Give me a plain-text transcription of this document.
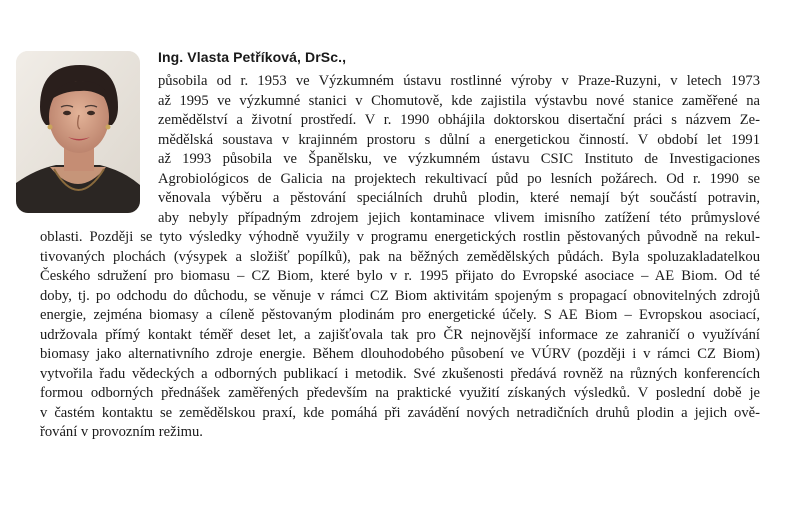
Ing. Vlasta Petříková, DrSc.,
působila od r. 1953 ve Výzkumném ústavu rostlinné výroby v Praze-Ruzyni, v letech 1973
až 1995 ve výzkumné stanici v Chomutově, kde zajistila výstavbu nové stanice zaměřené na
zemědělství a životní prostředí. V r. 1990 obhájila doktorskou disertační práci s názvem Ze-
mědělská soustava v krajinném prostoru s důlní a energetickou činností. V období let 1991
až 1993 působila ve Španělsku, ve výzkumném ústavu CSIC Instituto de Investigaciones
Agrobiológicos de Galicia na projektech rekultivací půd po lesních požárech. Od r. 1990 se
věnovala výběru a pěstování speciálních druhů plodin, které nemají být součástí potravin,
aby nebyly případným zdrojem jejich kontaminace vlivem imisního zatížení této průmyslové
oblasti. Později se tyto výsledky výhodně využily v programu energetických rostlin pěstovaných původně na rekul-
tivovaných plochách (výsypek a složišť popílků), pak na běžných zemědělských půdách. Byla spoluzakladatelkou
Českého sdružení pro biomasu – CZ Biom, které bylo v r. 1995 přijato do Evropské asociace – AE Biom. Od té
doby, tj. po odchodu do důchodu, se věnuje v rámci CZ Biom aktivitám spojeným s propagací obnovitelných zdrojů
energie, zejména biomasy a cíleně pěstovaným plodinám pro energetické účely. S AE Biom – Evropskou asociací,
udržovala přímý kontakt téměř deset let, a zajišťovala tak pro ČR nejnovější informace ze zahraničí o využívání
biomasy jako alternativního zdroje energie. Během dlouhodobého působení ve VÚRV (později i v rámci CZ Biom)
vytvořila řadu vědeckých a odborných publikací i metodik. Své zkušenosti předává rovněž na různých konferencích
formou odborných přednášek zaměřených především na praktické využití získaných výsledků. V poslední době je
v častém kontaktu se zemědělskou praxí, kde pomáhá při zavádění nových netradičních druhů plodin a jejich ově-
řování v provozním režimu.
